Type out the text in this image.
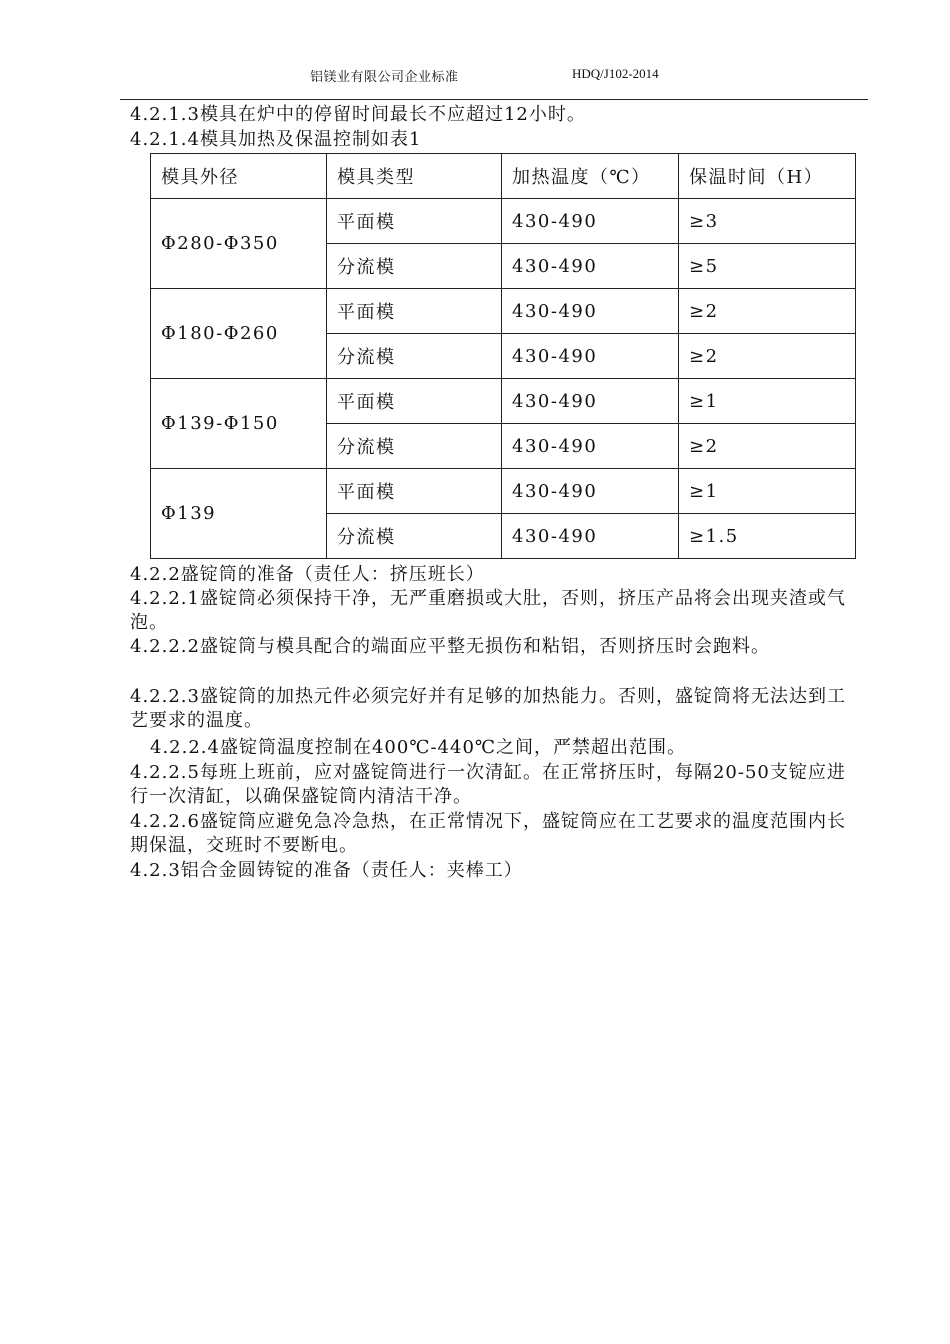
铝镁业有限公司企业标准	HDQ/J102-2014
4.2.1.3模具在炉中的停留时间最长不应超过12小时。
4.2.1.4模具加热及保温控制如表1
模具外径	模具类型	加热温度（℃）	保温时间（H）
Φ280-Φ350	平面模	430-490	≥3
	分流模	430-490	≥5
Φ180-Φ260	平面模	430-490	≥2
	分流模	430-490	≥2
Φ139-Φ150	平面模	430-490	≥1
	分流模	430-490	≥2
Φ139	平面模	430-490	≥1
	分流模	430-490	≥1.5
4.2.2盛锭筒的准备（责任人：挤压班长）
4.2.2.1盛锭筒必须保持干净，无严重磨损或大肚，否则，挤压产品将会出现夹渣或气泡。
4.2.2.2盛锭筒与模具配合的端面应平整无损伤和粘铝，否则挤压时会跑料。
4.2.2.3盛锭筒的加热元件必须完好并有足够的加热能力。否则，盛锭筒将无法达到工艺要求的温度。
4.2.2.4盛锭筒温度控制在400℃-440℃之间，严禁超出范围。
4.2.2.5每班上班前，应对盛锭筒进行一次清缸。在正常挤压时，每隔20-50支锭应进行一次清缸，以确保盛锭筒内清洁干净。
4.2.2.6盛锭筒应避免急冷急热，在正常情况下，盛锭筒应在工艺要求的温度范围内长期保温，交班时不要断电。
4.2.3铝合金圆铸锭的准备（责任人：夹棒工）
